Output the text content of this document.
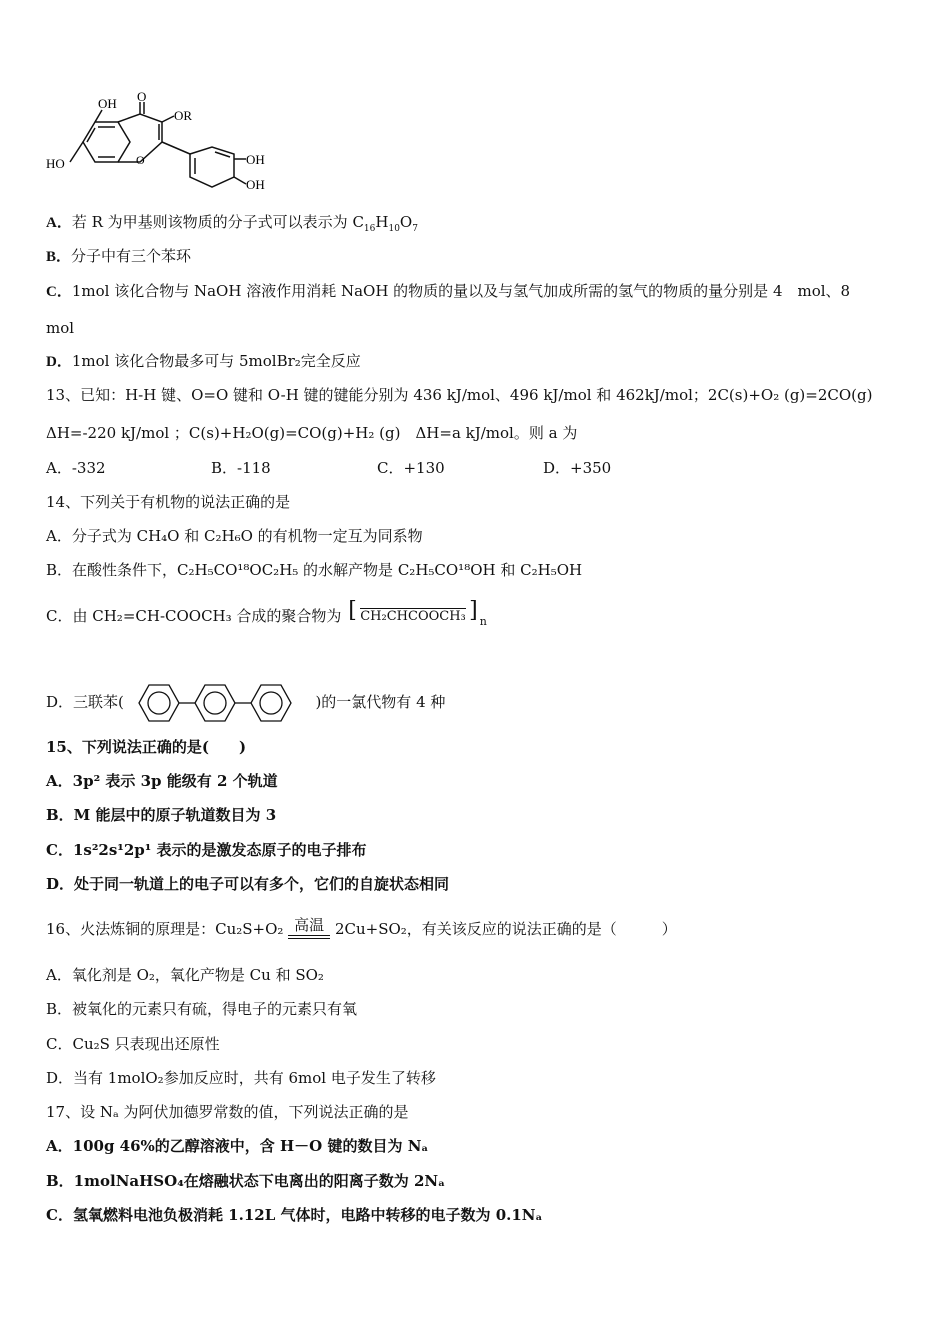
OH O
OR
HO	O	OH
OH
A．若 R 为甲基则该物质的分子式可以表示为 $C_{16}H_{10}O_7$
B．分子中有三个苯环
C．1mol 该化合物与 NaOH 溶液作用消耗 NaOH 的物质的量以及与氢气加成所需的氢气的物质的量分别是 4　mol、8
mol
D．1mol 该化合物最多可与 5molBr₂完全反应
13、已知：H-H 键、O=O 键和 O-H 键的键能分别为 436 kJ/mol、496 kJ/mol 和 462kJ/mol；2C(s)+O₂ (g)=2CO(g)
ΔH=-220 kJ/mol ；C(s)+H₂O(g)=CO(g)+H₂ (g)　ΔH=a kJ/mol。则 a 为
A．-332	B．-118	C．+130	D．+350
14、下列关于有机物的说法正确的是
A．分子式为 CH₄O 和 C₂H₆O 的有机物一定互为同系物
B．在酸性条件下，C₂H₅CO¹⁸OC₂H₅ 的水解产物是 C₂H₅CO¹⁸OH 和 C₂H₅OH
C．由 CH₂=CH-COOCH₃ 合成的聚合物为 [ CH₂CHCOOCH₃ ] $_n$
D．三联苯(	)的一氯代物有 4 种
15、下列说法正确的是(　　)
A．3p² 表示 3p 能级有 2 个轨道
B．M 能层中的原子轨道数目为 3
C．1s²2s¹2p¹ 表示的是激发态原子的电子排布
D．处于同一轨道上的电子可以有多个，它们的自旋状态相同
16、火法炼铜的原理是：Cu₂S+O₂ 高温 2Cu+SO₂，有关该反应的说法正确的是（　　　）
A．氧化剂是 O₂，氧化产物是 Cu 和 SO₂
B．被氧化的元素只有硫，得电子的元素只有氧
C．Cu₂S 只表现出还原性
D．当有 1molO₂参加反应时，共有 6mol 电子发生了转移
17、设 Nₐ 为阿伏加德罗常数的值，下列说法正确的是
A．100g 46%的乙醇溶液中，含 H－O 键的数目为 Nₐ
B．1molNaHSO₄在熔融状态下电离出的阳离子数为 2Nₐ
C．氢氧燃料电池负极消耗 1.12L 气体时，电路中转移的电子数为 0.1Nₐ
